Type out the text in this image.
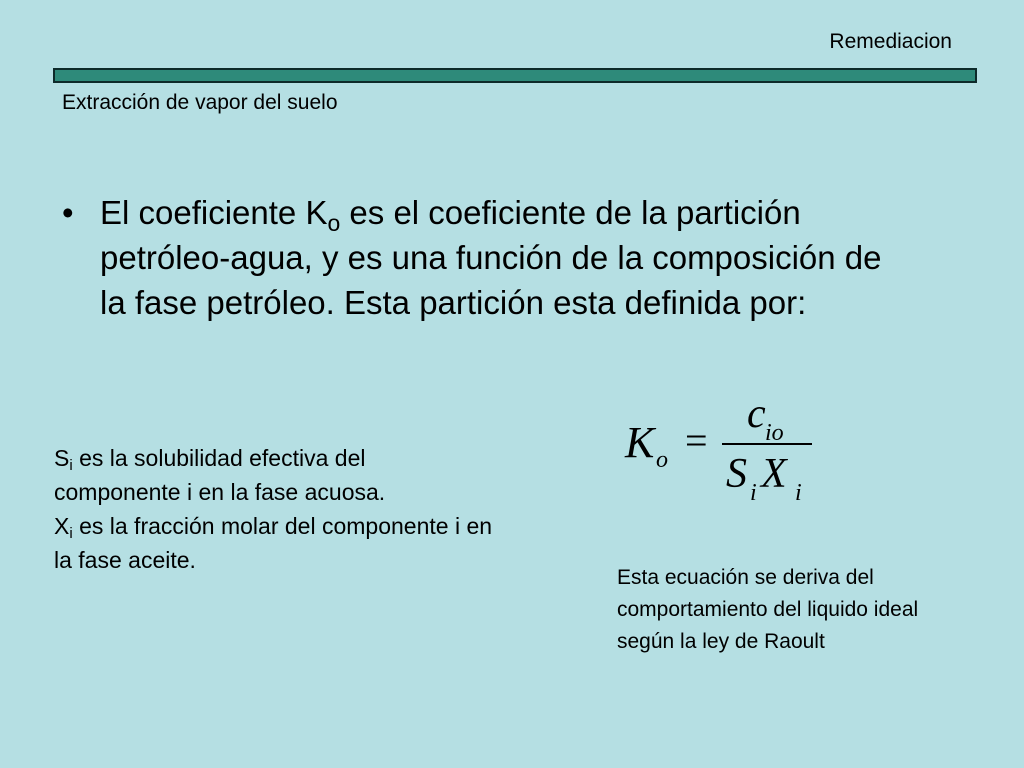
Remediacion
Extracción de vapor del suelo
• El coeficiente $K_o$ es el coeficiente de la partición petróleo-agua, y es una función de la composición de la fase petróleo. Esta partición esta definida por:
K o =
c io
S i X i
$S_i$ es la solubilidad efectiva del componente i en la fase acuosa.
$X_i$ es la fracción molar del componente i en la fase aceite.
Esta ecuación se deriva del comportamiento del liquido ideal según la ley de Raoult
